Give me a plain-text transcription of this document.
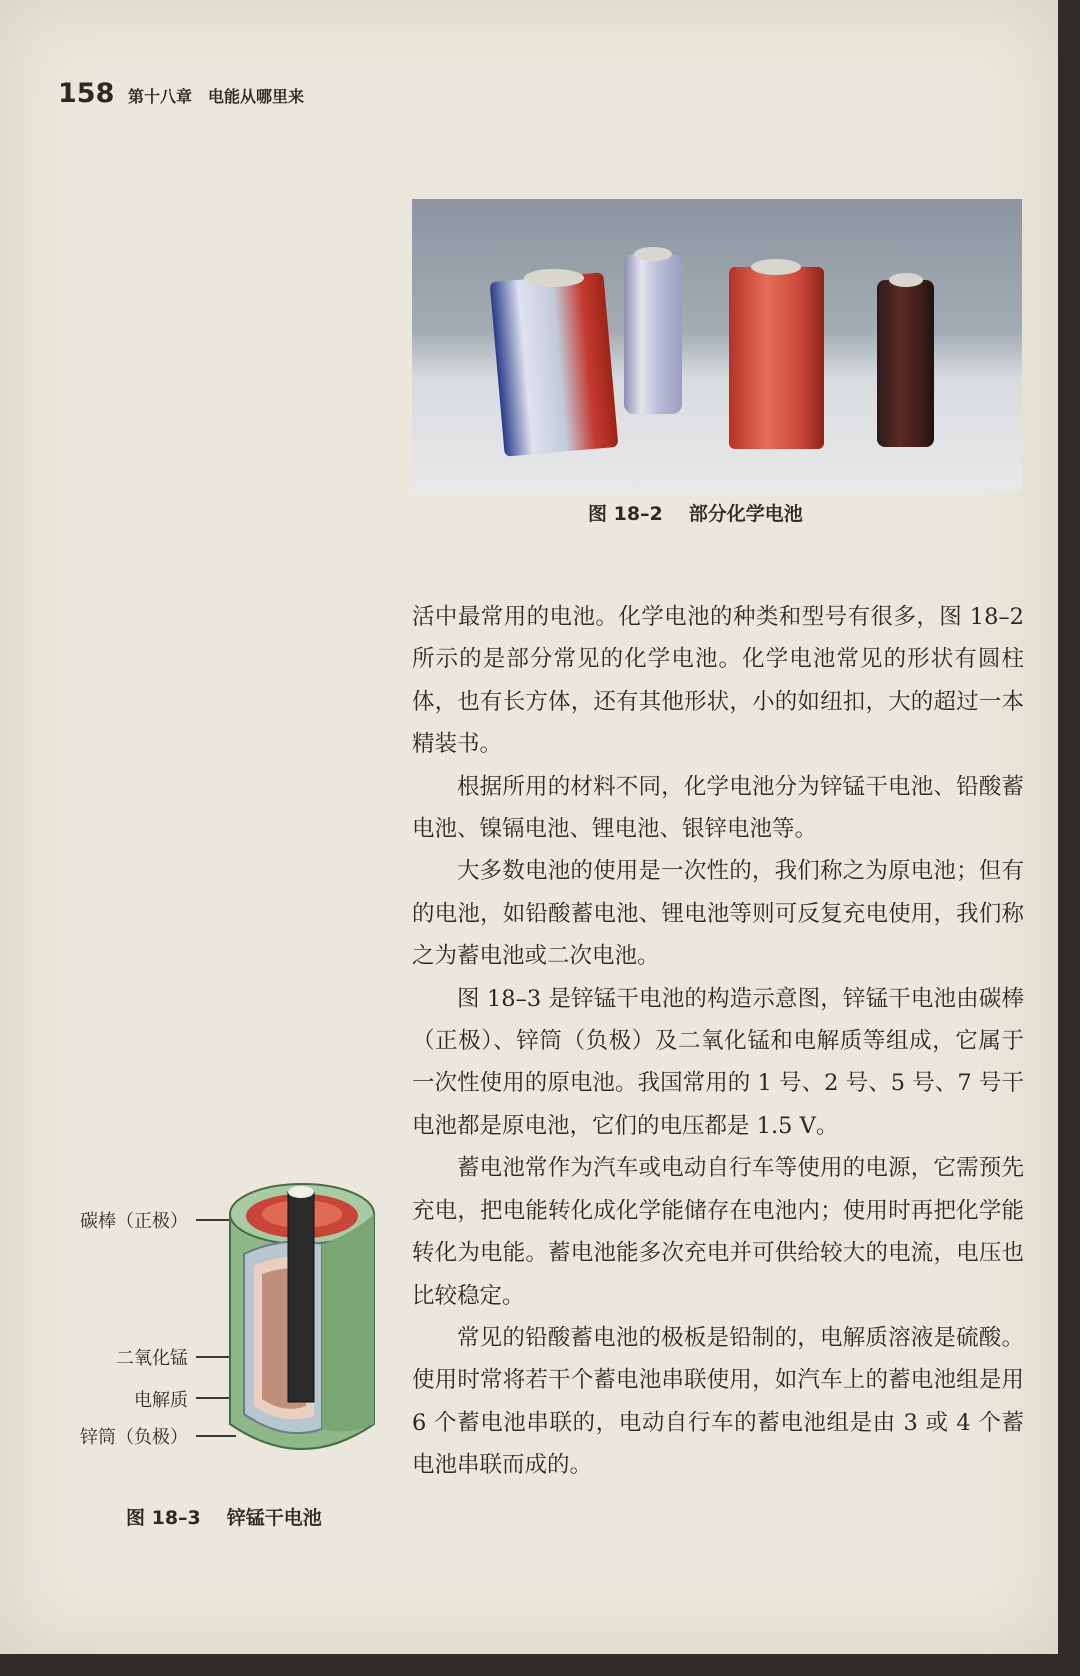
158 第十八章　电能从哪里来
图 18–2 部分化学电池

活中最常用的电池。化学电池的种类和型号有很多，图 18–2 所示的是部分常见的化学电池。化学电池常见的形状有圆柱体，也有长方体，还有其他形状，小的如纽扣，大的超过一本精装书。

根据所用的材料不同，化学电池分为锌锰干电池、铅酸蓄电池、镍镉电池、锂电池、银锌电池等。

大多数电池的使用是一次性的，我们称之为原电池；但有的电池，如铅酸蓄电池、锂电池等则可反复充电使用，我们称之为蓄电池或二次电池。

图 18–3 是锌锰干电池的构造示意图，锌锰干电池由碳棒（正极）、锌筒（负极）及二氧化锰和电解质等组成，它属于一次性使用的原电池。我国常用的 1 号、2 号、5 号、7 号干电池都是原电池，它们的电压都是 1.5 V。

蓄电池常作为汽车或电动自行车等使用的电源，它需预先充电，把电能转化成化学能储存在电池内；使用时再把化学能转化为电能。蓄电池能多次充电并可供给较大的电流，电压也比较稳定。

常见的铅酸蓄电池的极板是铅制的，电解质溶液是硫酸。使用时常将若干个蓄电池串联使用，如汽车上的蓄电池组是用 6 个蓄电池串联的，电动自行车的蓄电池组是由 3 或 4 个蓄电池串联而成的。

碳棒（正极）
二氧化锰
电解质
锌筒（负极）
图 18–3 锌锰干电池
